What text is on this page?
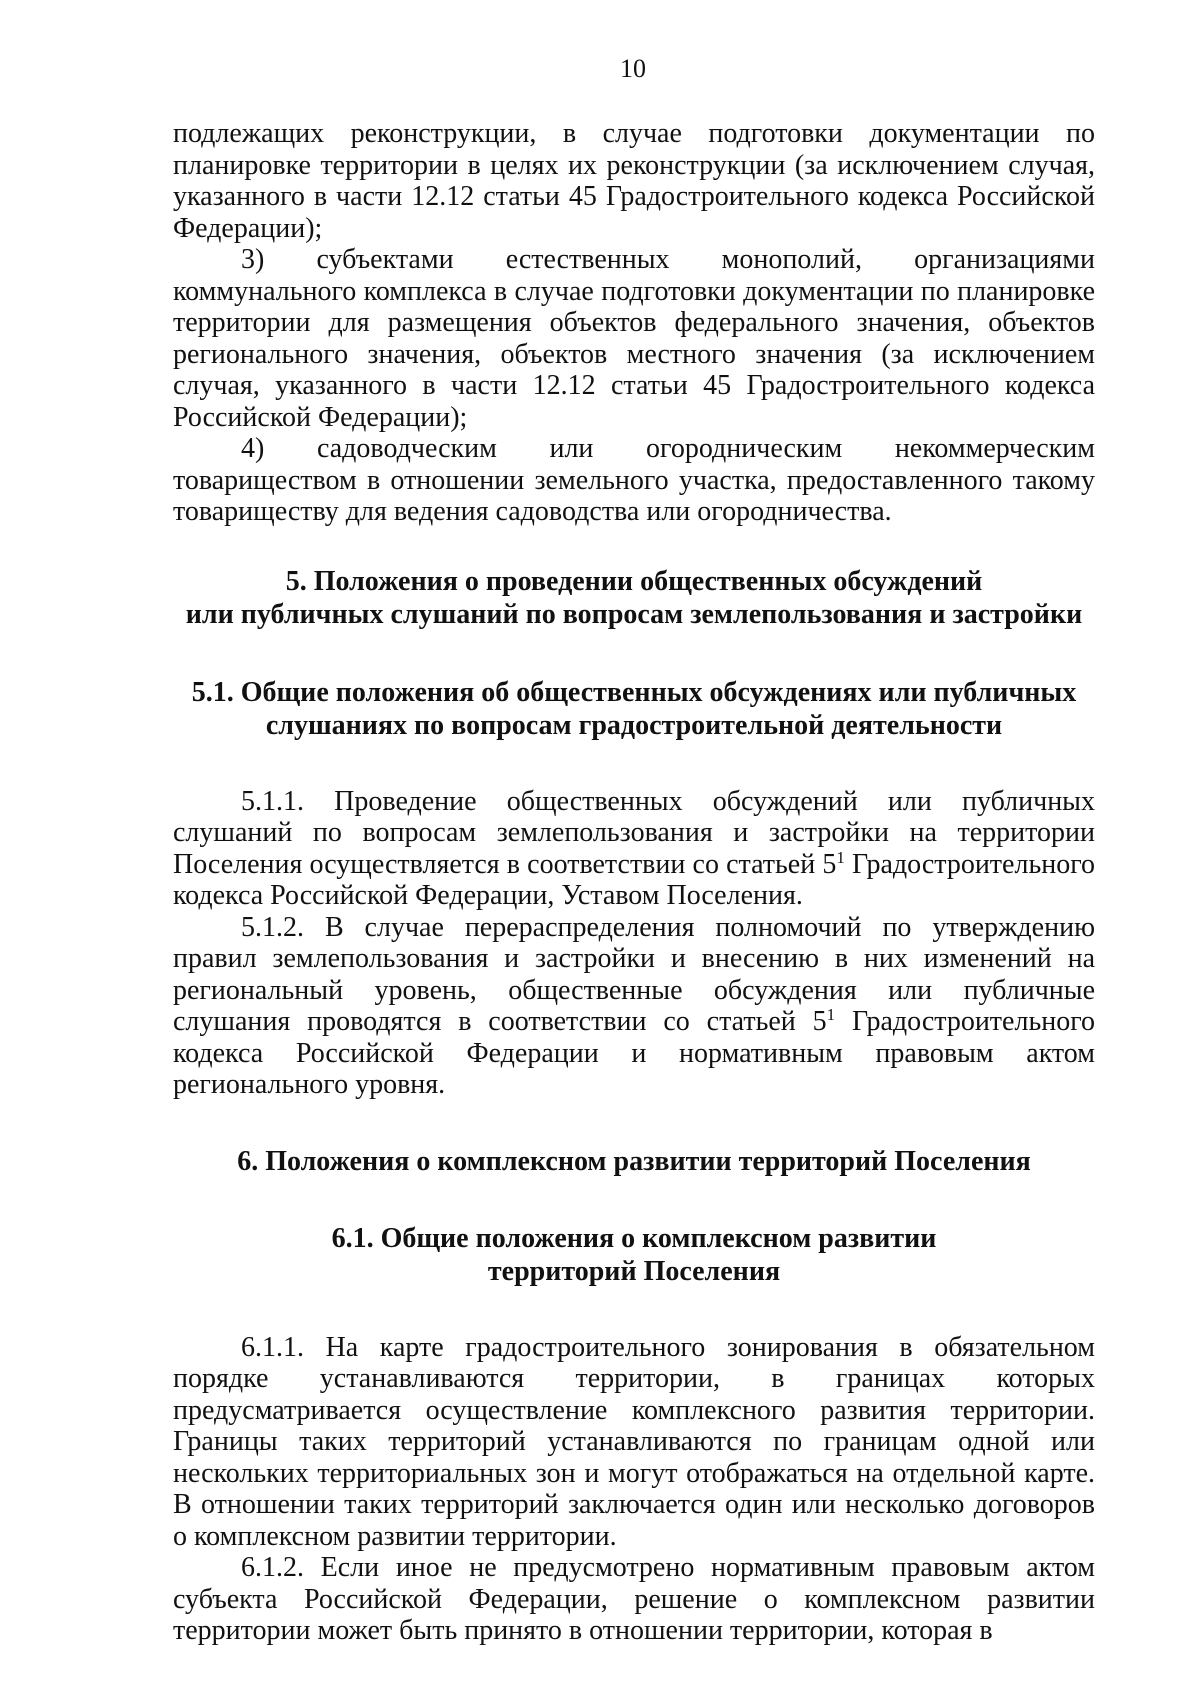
10

подлежащих реконструкции, в случае подготовки документации по планировке территории в целях их реконструкции (за исключением случая, указанного в части 12.12 статьи 45 Градостроительного кодекса Российской Федерации);

3) субъектами естественных монополий, организациями коммунального комплекса в случае подготовки документации по планировке территории для размещения объектов федерального значения, объектов регионального значения, объектов местного значения (за исключением случая, указанного в части 12.12 статьи 45 Градостроительного кодекса Российской Федерации);

4) садоводческим или огородническим некоммерческим товариществом в отношении земельного участка, предоставленного такому товариществу для ведения садоводства или огородничества.

5. Положения о проведении общественных обсуждений
или публичных слушаний по вопросам землепользования и застройки
5.1. Общие положения об общественных обсуждениях или публичных
слушаниях по вопросам градостроительной деятельности

5.1.1. Проведение общественных обсуждений или публичных слушаний по вопросам землепользования и застройки на территории Поселения осуществляется в соответствии со статьей $5^1$ Градостроительного кодекса Российской Федерации, Уставом Поселения.

5.1.2. В случае перераспределения полномочий по утверждению правил землепользования и застройки и внесению в них изменений на региональный уровень, общественные обсуждения или публичные слушания проводятся в соответствии со статьей $5^1$ Градостроительного кодекса Российской Федерации и нормативным правовым актом регионального уровня.

6. Положения о комплексном развитии территорий Поселения
6.1. Общие положения о комплексном развитии
территорий Поселения

6.1.1. На карте градостроительного зонирования в обязательном порядке устанавливаются территории, в границах которых предусматривается осуществление комплексного развития территории. Границы таких территорий устанавливаются по границам одной или нескольких территориальных зон и могут отображаться на отдельной карте. В отношении таких территорий заключается один или несколько договоров о комплексном развитии территории.

6.1.2. Если иное не предусмотрено нормативным правовым актом субъекта Российской Федерации, решение о комплексном развитии территории может быть принято в отношении территории, которая в
